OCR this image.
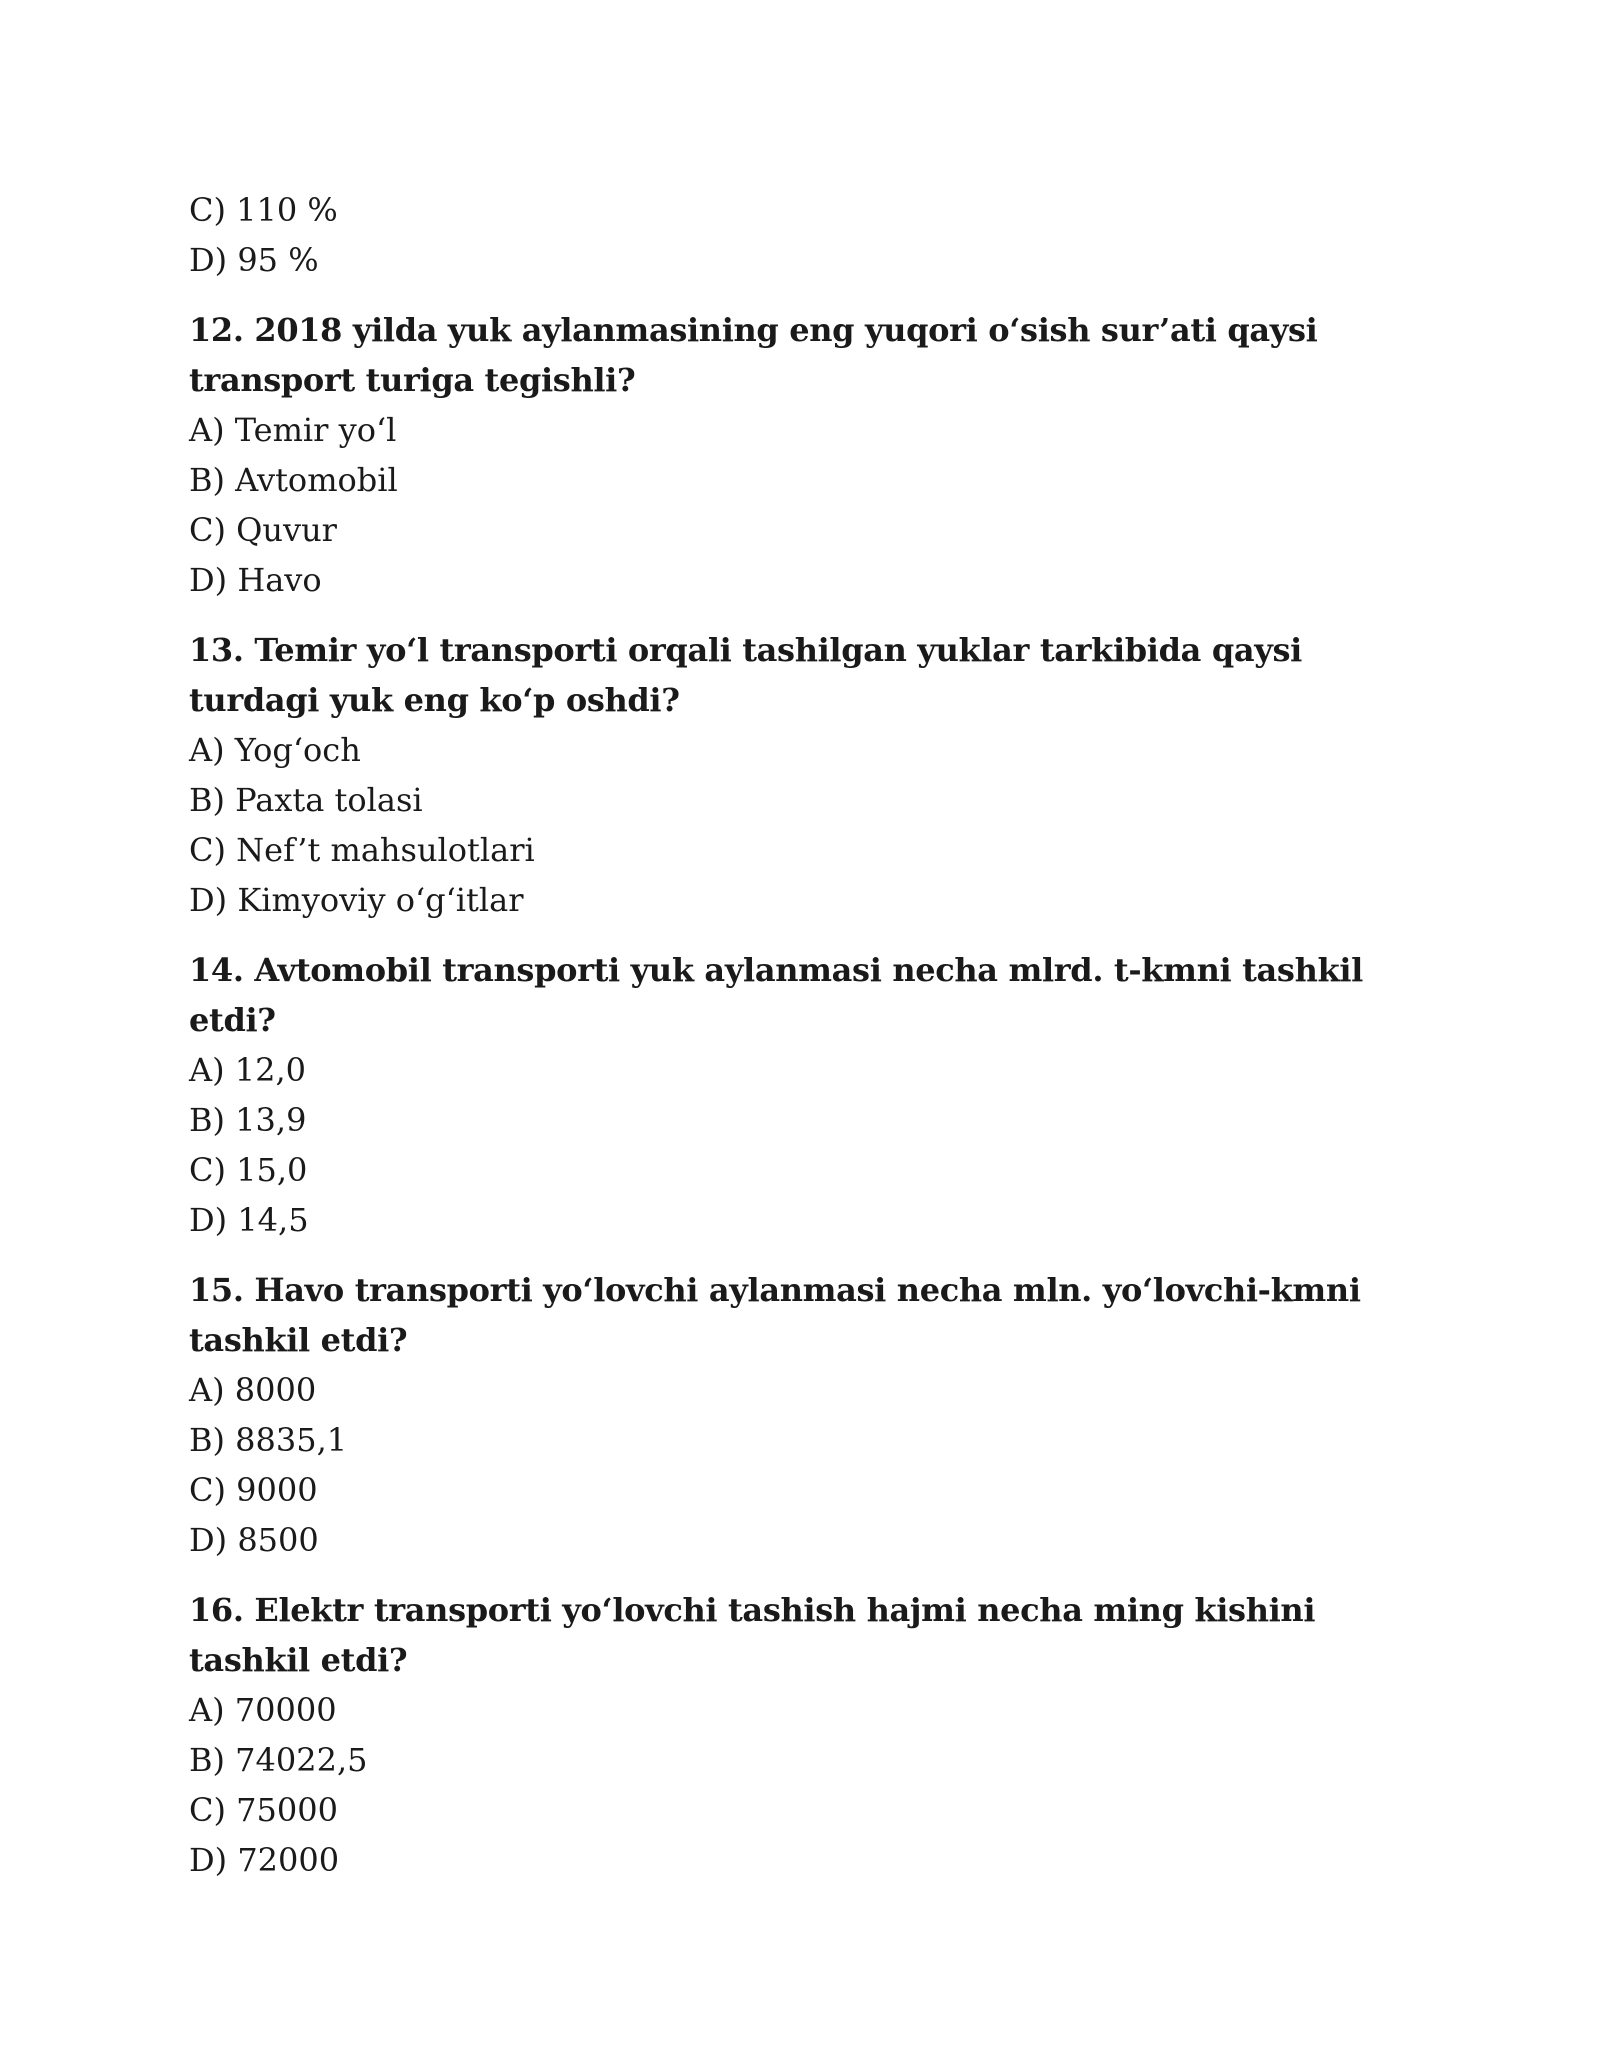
C) 110 %
D) 95 %
12. 2018 yilda yuk aylanmasining eng yuqori o‘sish sur’ati qaysi transport turiga tegishli?
A) Temir yo‘l
B) Avtomobil
C) Quvur
D) Havo
13. Temir yo‘l transporti orqali tashilgan yuklar tarkibida qaysi turdagi yuk eng ko‘p oshdi?
A) Yog‘och
B) Paxta tolasi
C) Nef’t mahsulotlari
D) Kimyoviy o‘g‘itlar
14. Avtomobil transporti yuk aylanmasi necha mlrd. t-kmni tashkil etdi?
A) 12,0
B) 13,9
C) 15,0
D) 14,5
15. Havo transporti yo‘lovchi aylanmasi necha mln. yo‘lovchi-kmni tashkil etdi?
A) 8000
B) 8835,1
C) 9000
D) 8500
16. Elektr transporti yo‘lovchi tashish hajmi necha ming kishini tashkil etdi?
A) 70000
B) 74022,5
C) 75000
D) 72000
